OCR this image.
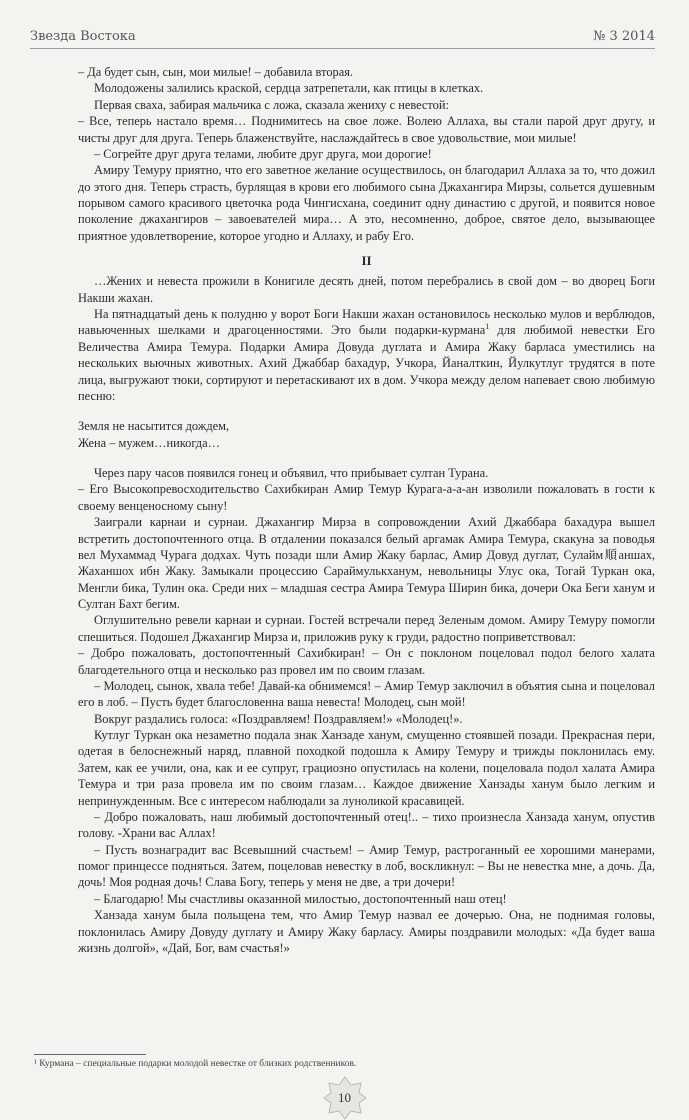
Звезда Востока	№ 3 2014

– Да будет сын, сын, мои милые! – добавила вторая.

Молодожены залились краской, сердца затрепетали, как птицы в клетках.

Первая сваха, забирая мальчика с ложа, сказала жениху с невестой:

– Все, теперь настало время… Поднимитесь на свое ложе. Волею Аллаха, вы стали парой друг другу, и чисты друг для друга. Теперь блаженствуйте, наслаждайтесь в свое удовольствие, мои милые!

– Согрейте друг друга телами, любите друг друга, мои дорогие!

Амиру Темуру приятно, что его заветное желание осуществилось, он благодарил Аллаха за то, что дожил до этого дня. Теперь страсть, бурлящая в крови его любимого сына Джахангира Мирзы, сольется душевным порывом самого красивого цветочка рода Чингисхана, соединит одну династию с другой, и появится новое поколение джахангиров – завоевателей мира… А это, несомненно, доброе, святое дело, вызывающее приятное удовлетворение, которое угодно и Аллаху, и рабу Его.

II

…Жених и невеста прожили в Конигиле десять дней, потом перебрались в свой дом – во дворец Боги Накши жахан.

На пятнадцатый день к полудню у ворот Боги Накши жахан остановилось несколько мулов и верблюдов, навьюченных шелками и драгоценностями. Это были подарки-курмана$^1$ для любимой невестки Его Величества Амира Темура. Подарки Амира Довуда дуглата и Амира Жаку барласа уместились на нескольких вьючных животных. Ахий Джаббар бахадур, Учкора, Йаналткин, Йулкутлуг трудятся в поте лица, выгружают тюки, сортируют и перетаскивают их в дом. Учкора между делом напевает свою любимую песню:

Земля не насытится дождем,

Жена – мужем…никогда…

Через пару часов появился гонец и объявил, что прибывает султан Турана.

– Его Высокопревосходительство Сахибкиран Амир Темур Курага-а-а-ан изволили пожаловать в гости к своему венценосному сыну!

Заиграли карнаи и сурнаи. Джахангир Мирза в сопровождении Ахий Джаббара бахадура вышел встретить достопочтенного отца. В отдалении показался белый аргамак Амира Темура, скакуна за поводья вел Мухаммад Чурага додхах. Чуть позади шли Амир Жаку барлас, Амир Довуд дуглат, Сулайм順аншах, Жаханшох ибн Жаку. Замыкали процессию Сараймулькханум, невольницы Улус ока, Тогай Туркан ока, Менгли бика, Тулин ока. Среди них – младшая сестра Амира Темура Ширин бика, дочери Ока Беги ханум и Султан Бахт бегим.

Оглушительно ревели карнаи и сурнаи. Гостей встречали перед Зеленым домом. Амиру Темуру помогли спешиться. Подошел Джахангир Мирза и, приложив руку к груди, радостно поприветствовал:

– Добро пожаловать, достопочтенный Сахибкиран! – Он с поклоном поцеловал подол белого халата благодетельного отца и несколько раз провел им по своим глазам.

– Молодец, сынок, хвала тебе! Давай-ка обнимемся! – Амир Темур заключил в объятия сына и поцеловал его в лоб. – Пусть будет благословенна ваша невеста! Молодец, сын мой!

Вокруг раздались голоса: «Поздравляем! Поздравляем!» «Молодец!».

Кутлуг Туркан ока незаметно подала знак Ханзаде ханум, смущенно стоявшей позади. Прекрасная пери, одетая в белоснежный наряд, плавной походкой подошла к Амиру Темуру и трижды поклонилась ему. Затем, как ее учили, она, как и ее супруг, грациозно опустилась на колени, поцеловала подол халата Амира Темура и три раза провела им по своим глазам… Каждое движение Ханзады ханум было легким и непринужденным. Все с интересом наблюдали за луноликой красавицей.

– Добро пожаловать, наш любимый достопочтенный отец!.. – тихо произнесла Ханзада ханум, опустив голову. -Храни вас Аллах!

– Пусть вознаградит вас Всевышний счастьем! – Амир Темур, растроганный ее хорошими манерами, помог принцессе подняться. Затем, поцеловав невестку в лоб, воскликнул: – Вы не невестка мне, а дочь. Да, дочь! Моя родная дочь! Слава Богу, теперь у меня не две, а три дочери!

– Благодарю! Мы счастливы оказанной милостью, достопочтенный наш отец!

Ханзада ханум была польщена тем, что Амир Темур назвал ее дочерью. Она, не поднимая головы, поклонилась Амиру Довуду дуглату и Амиру Жаку барласу. Амиры поздравили молодых: «Да будет ваша жизнь долгой», «Дай, Бог, вам счастья!»

¹ Курмана – специальные подарки молодой невестке от близких родственников.
10
